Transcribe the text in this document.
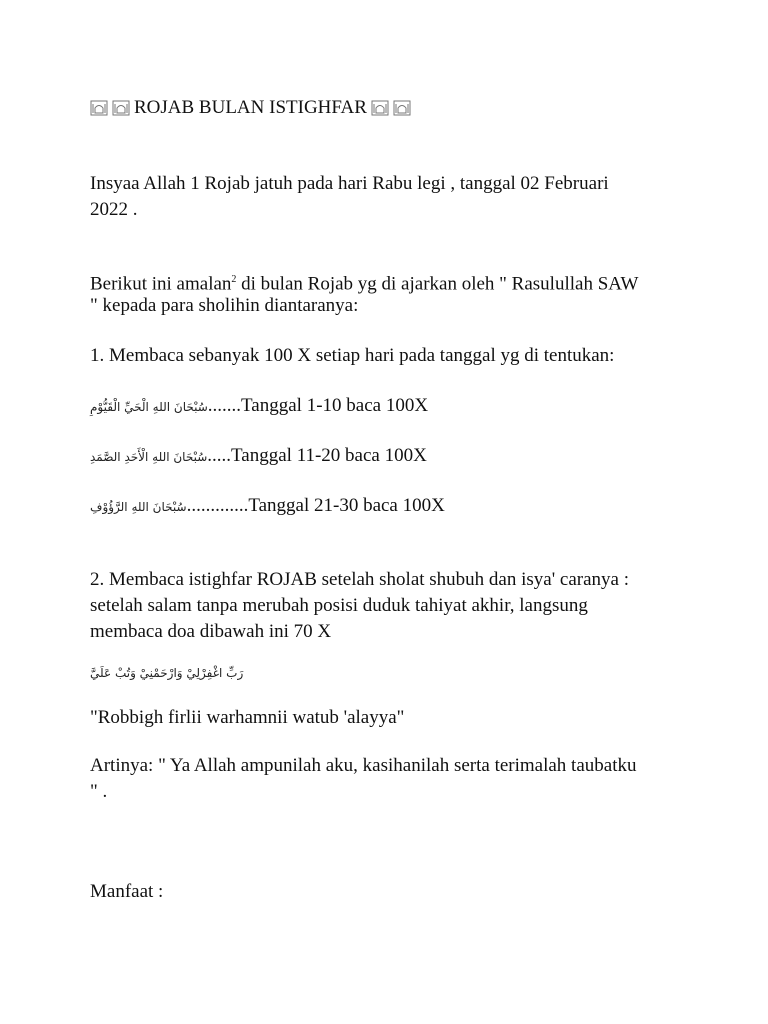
ROJAB BULAN ISTIGHFAR
Insyaa Allah 1 Rojab jatuh pada hari Rabu legi , tanggal 02 Februari
2022 .
Berikut ini amalan$^2$ di bulan Rojab yg di ajarkan oleh " Rasulullah SAW
" kepada para sholihin diantaranya:
1. Membaca sebanyak 100 X setiap hari pada tanggal yg di tentukan:
سُبْحَانَ اللهِ الْحَيِّ الْقَيُّوْمِ.......Tanggal 1-10 baca 100X
سُبْحَانَ اللهِ الْأَحَدِ الصَّمَدِ.....Tanggal 11-20 baca 100X
سُبْحَانَ اللهِ الرَّؤُوْفِ.............Tanggal 21-30 baca 100X
2. Membaca istighfar ROJAB setelah sholat shubuh dan isya' caranya :
setelah salam tanpa merubah posisi duduk tahiyat akhir, langsung
membaca doa dibawah ini 70 X
رَبِّ اغْفِرْلِيْ وَارْحَمْنِيْ وَتُبْ عَلَيَّ
"Robbigh firlii warhamnii watub 'alayya"
Artinya: " Ya Allah ampunilah aku, kasihanilah serta terimalah taubatku
" .
Manfaat :
